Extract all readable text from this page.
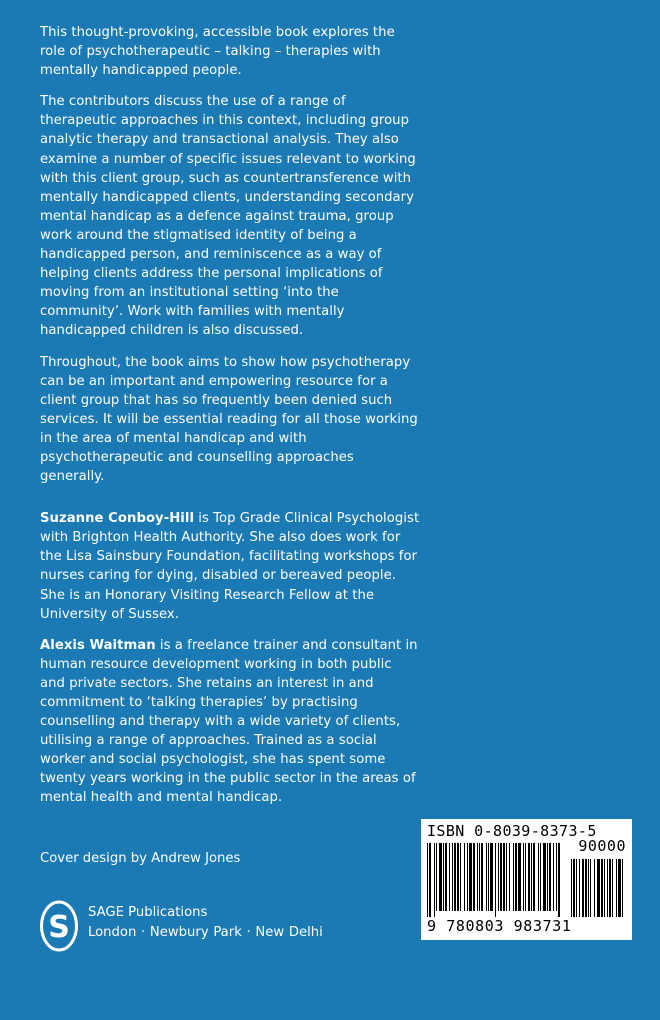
This thought-provoking, accessible book explores the role of psychotherapeutic – talking – therapies with mentally handicapped people.

The contributors discuss the use of a range of therapeutic approaches in this context, including group analytic therapy and transactional analysis. They also examine a number of specific issues relevant to working with this client group, such as countertransference with mentally handicapped clients, understanding secondary mental handicap as a defence against trauma, group work around the stigmatised identity of being a handicapped person, and reminiscence as a way of helping clients address the personal implications of moving from an institutional setting ‘into the community’. Work with families with mentally handicapped children is also discussed.

Throughout, the book aims to show how psychotherapy can be an important and empowering resource for a client group that has so frequently been denied such services. It will be essential reading for all those working in the area of mental handicap and with psychotherapeutic and counselling approaches generally.

Suzanne Conboy-Hill is Top Grade Clinical Psychologist with Brighton Health Authority. She also does work for the Lisa Sainsbury Foundation, facilitating workshops for nurses caring for dying, disabled or bereaved people. She is an Honorary Visiting Research Fellow at the University of Sussex.

Alexis Waitman is a freelance trainer and consultant in human resource development working in both public and private sectors. She retains an interest in and commitment to ‘talking therapies’ by practising counselling and therapy with a wide variety of clients, utilising a range of approaches. Trained as a social worker and social psychologist, she has spent some twenty years working in the public sector in the areas of mental health and mental handicap.

Cover design by Andrew Jones
S SAGE Publications
London · Newbury Park · New Delhi
ISBN 0-8039-8373-5
90000
9 780803 983731
